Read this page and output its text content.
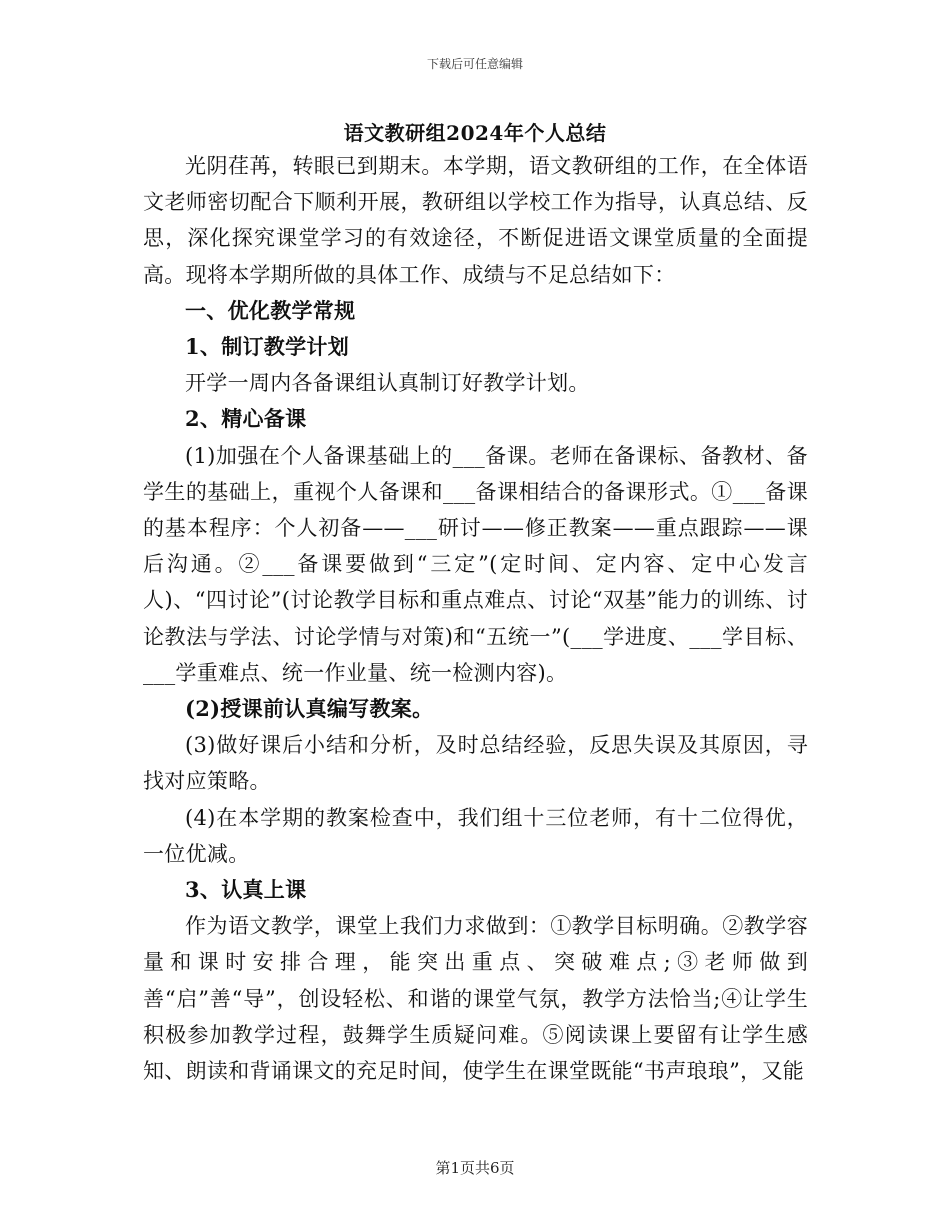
下载后可任意编辑
语文教研组2024年个人总结

光阴荏苒，转眼已到期末。本学期，语文教研组的工作，在全体语文老师密切配合下顺利开展，教研组以学校工作为指导，认真总结、反思，深化探究课堂学习的有效途径，不断促进语文课堂质量的全面提高。现将本学期所做的具体工作、成绩与不足总结如下：

一、优化教学常规

1、制订教学计划

开学一周内各备课组认真制订好教学计划。

2、精心备课

(1)加强在个人备课基础上的___备课。老师在备课标、备教材、备学生的基础上，重视个人备课和___备课相结合的备课形式。①___备课的基本程序：个人初备——___研讨——修正教案——重点跟踪——课后沟通。②___备课要做到“三定”(定时间、定内容、定中心发言人)、“四讨论”(讨论教学目标和重点难点、讨论“双基”能力的训练、讨论教法与学法、讨论学情与对策)和“五统一”(___学进度、___学目标、___学重难点、统一作业量、统一检测内容)。

(2)授课前认真编写教案。

(3)做好课后小结和分析，及时总结经验，反思失误及其原因，寻找对应策略。

(4)在本学期的教案检查中，我们组十三位老师，有十二位得优，一位优减。

3、认真上课

作为语文教学，课堂上我们力求做到：①教学目标明确。②教学容量和课时安排合理，能突出重点、突破难点;③老师做到善“启”善“导”，创设轻松、和谐的课堂气氛，教学方法恰当;④让学生积极参加教学过程，鼓舞学生质疑问难。⑤阅读课上要留有让学生感知、朗读和背诵课文的充足时间，使学生在课堂既能“书声琅琅”，又能

第1页共6页
